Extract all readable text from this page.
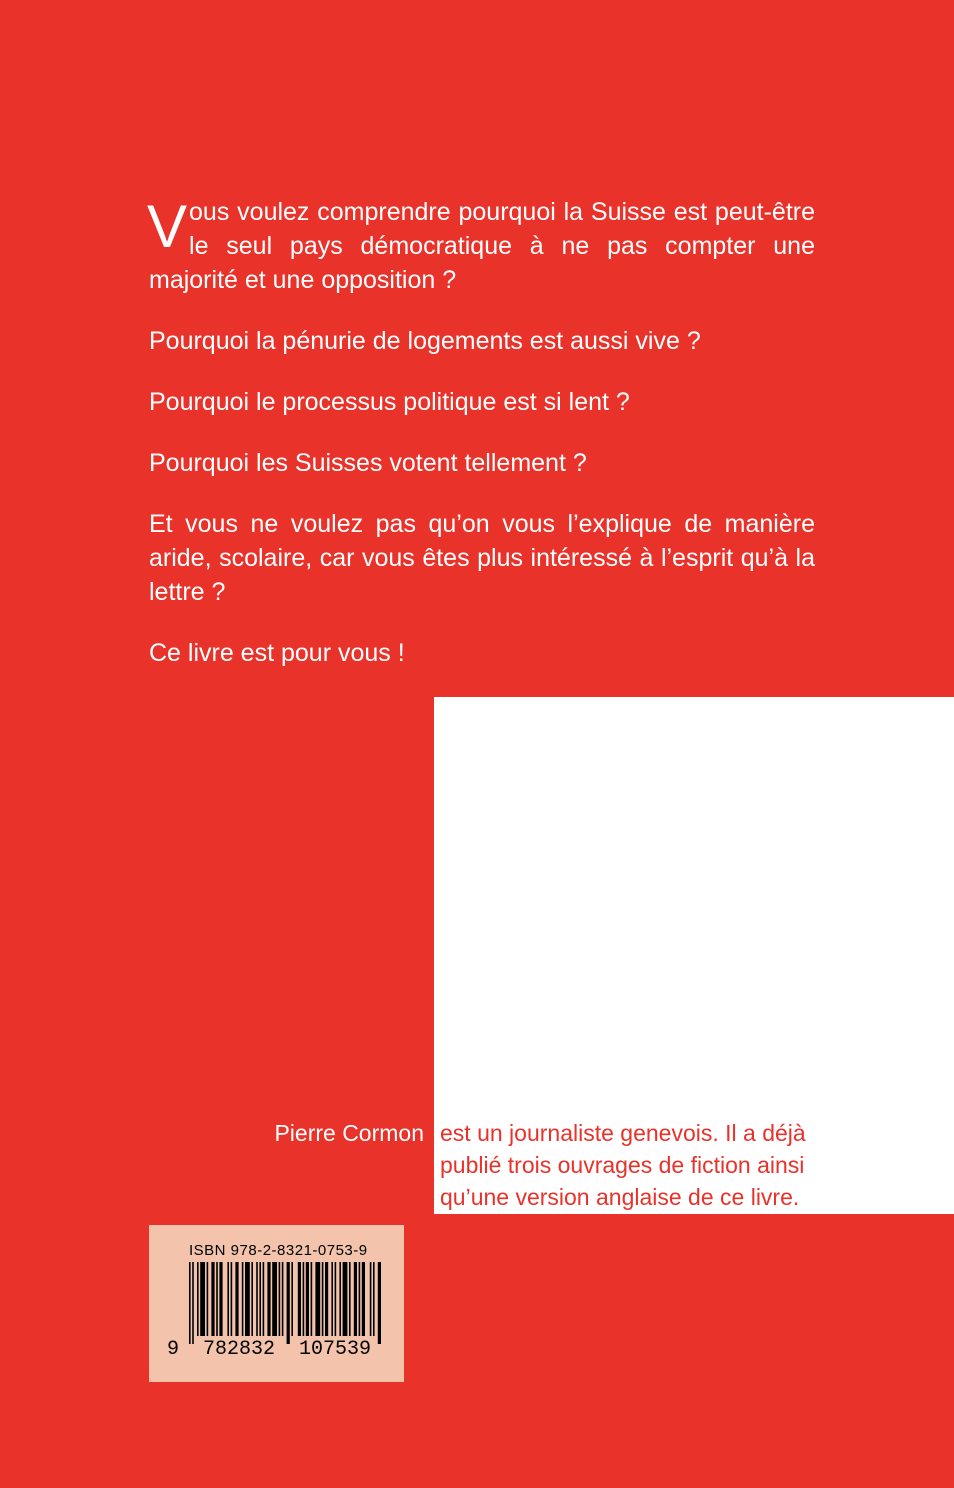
Vous voulez comprendre pourquoi la Suisse est peut-être le seul pays démocratique à ne pas compter une majorité et une opposition ?

Pourquoi la pénurie de logements est aussi vive ?

Pourquoi le processus politique est si lent ?

Pourquoi les Suisses votent tellement ?

Et vous ne voulez pas qu’on vous l’explique de manière aride, scolaire, car vous êtes plus intéressé à l’esprit qu’à la lettre ?

Ce livre est pour vous !

Pierre Cormon est un journaliste genevois. Il a déjà publié trois ouvrages de fiction ainsi qu’une version anglaise de ce livre.
ISBN 978-2-8321-0753-9
9  782832  107539
